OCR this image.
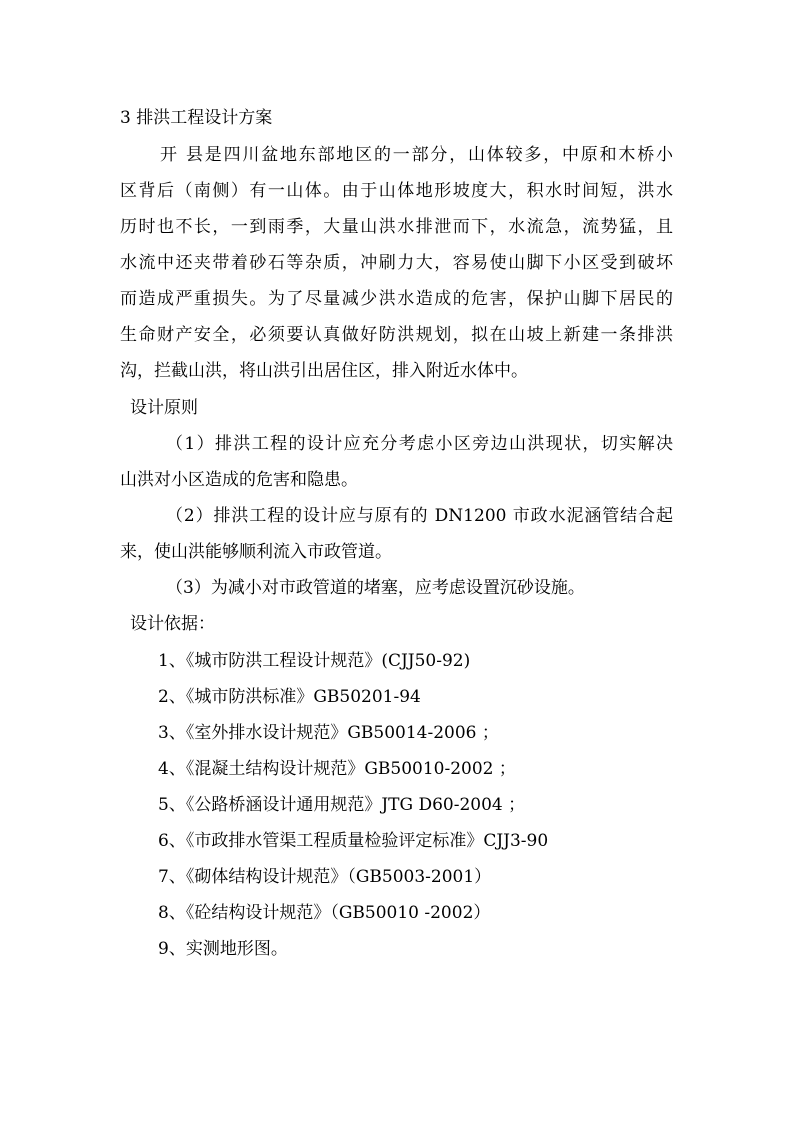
3 排洪工程设计方案
开 县是四川盆地东部地区的一部分，山体较多，中原和木桥小
区背后（南侧）有一山体。由于山体地形坡度大，积水时间短，洪水
历时也不长，一到雨季，大量山洪水排泄而下，水流急，流势猛，且
水流中还夹带着砂石等杂质，冲刷力大，容易使山脚下小区受到破坏
而造成严重损失。为了尽量减少洪水造成的危害，保护山脚下居民的
生命财产安全，必须要认真做好防洪规划，拟在山坡上新建一条排洪
沟，拦截山洪，将山洪引出居住区，排入附近水体中。
设计原则
（1）排洪工程的设计应充分考虑小区旁边山洪现状，切实解决
山洪对小区造成的危害和隐患。
（2）排洪工程的设计应与原有的 DN1200 市政水泥涵管结合起
来，使山洪能够顺利流入市政管道。
（3）为减小对市政管道的堵塞，应考虑设置沉砂设施。
设计依据：
1、《城市防洪工程设计规范》(CJJ50-92)
2、《城市防洪标准》GB50201-94
3、《室外排水设计规范》GB50014-2006 ；
4、《混凝土结构设计规范》GB50010-2002 ；
5、《公路桥涵设计通用规范》JTG D60-2004 ；
6、《市政排水管渠工程质量检验评定标准》CJJ3-90
7、《砌体结构设计规范》（GB5003-2001）
8、《砼结构设计规范》（GB50010 -2002）
9、实测地形图。
